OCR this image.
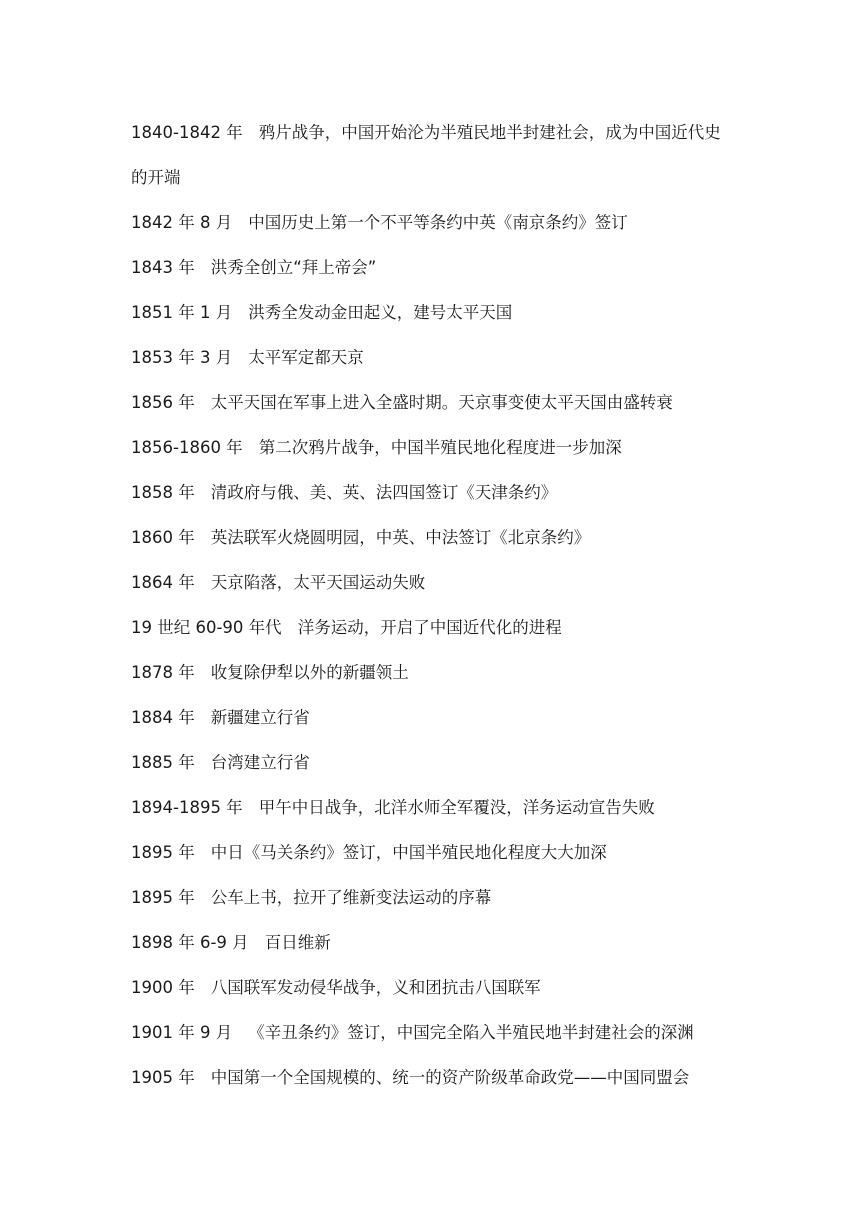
1840-1842 年 鸦片战争，中国开始沦为半殖民地半封建社会，成为中国近代史的开端
1842 年 8 月 中国历史上第一个不平等条约中英《南京条约》签订
1843 年 洪秀全创立“拜上帝会”
1851 年 1 月 洪秀全发动金田起义，建号太平天国
1853 年 3 月 太平军定都天京
1856 年 太平天国在军事上进入全盛时期。天京事变使太平天国由盛转衰
1856-1860 年 第二次鸦片战争，中国半殖民地化程度进一步加深
1858 年 清政府与俄、美、英、法四国签订《天津条约》
1860 年 英法联军火烧圆明园，中英、中法签订《北京条约》
1864 年 天京陷落，太平天国运动失败
19 世纪 60-90 年代 洋务运动，开启了中国近代化的进程
1878 年 收复除伊犁以外的新疆领土
1884 年 新疆建立行省
1885 年 台湾建立行省
1894-1895 年 甲午中日战争，北洋水师全军覆没，洋务运动宣告失败
1895 年 中日《马关条约》签订，中国半殖民地化程度大大加深
1895 年 公车上书，拉开了维新变法运动的序幕
1898 年 6-9 月 百日维新
1900 年 八国联军发动侵华战争，义和团抗击八国联军
1901 年 9 月 《辛丑条约》签订，中国完全陷入半殖民地半封建社会的深渊
1905 年 中国第一个全国规模的、统一的资产阶级革命政党——中国同盟会
